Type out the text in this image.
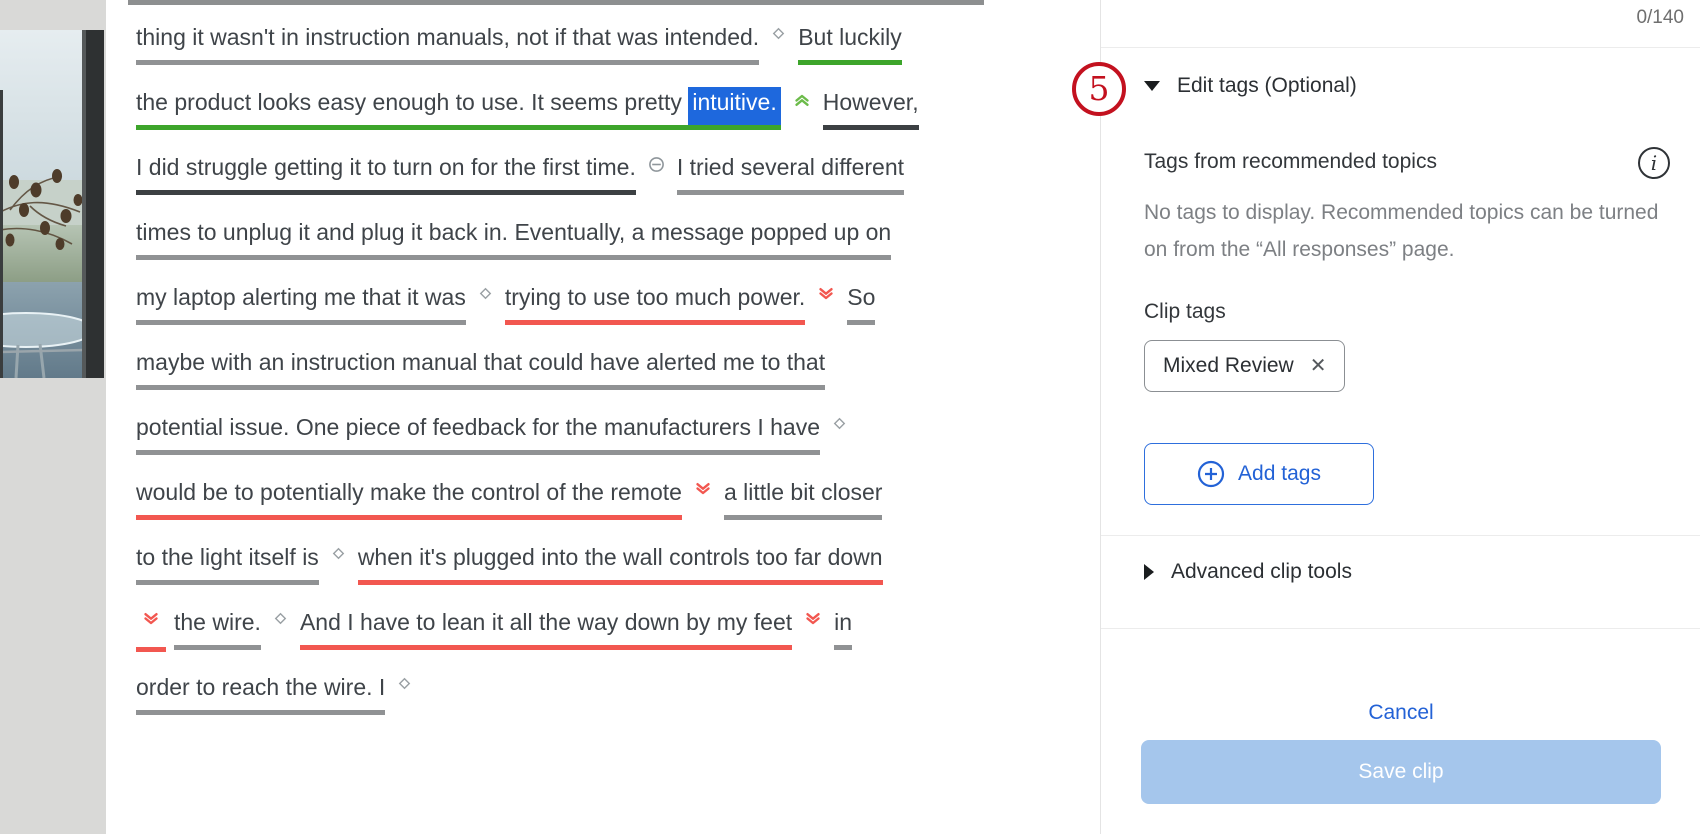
thing it wasn't in instruction manuals, not if that was intended. But luckily
the product looks easy enough to use. It seems pretty intuitive. However,
I did struggle getting it to turn on for the first time. I tried several different
times to unplug it and plug it back in. Eventually, a message popped up on
my laptop alerting me that it was trying to use too much power. So
maybe with an instruction manual that could have alerted me to that
potential issue. One piece of feedback for the manufacturers I have
would be to potentially make the control of the remote a little bit closer
to the light itself is when it's plugged into the wall controls too far down
the wire. And I have to lean it all the way down by my feet in
order to reach the wire. I
0/140
5	Edit tags (Optional)
Tags from recommended topics	i
No tags to display. Recommended topics can be turned on from the “All responses” page.
Clip tags
Mixed Review ✕
Add tags
Advanced clip tools
Cancel
Save clip
